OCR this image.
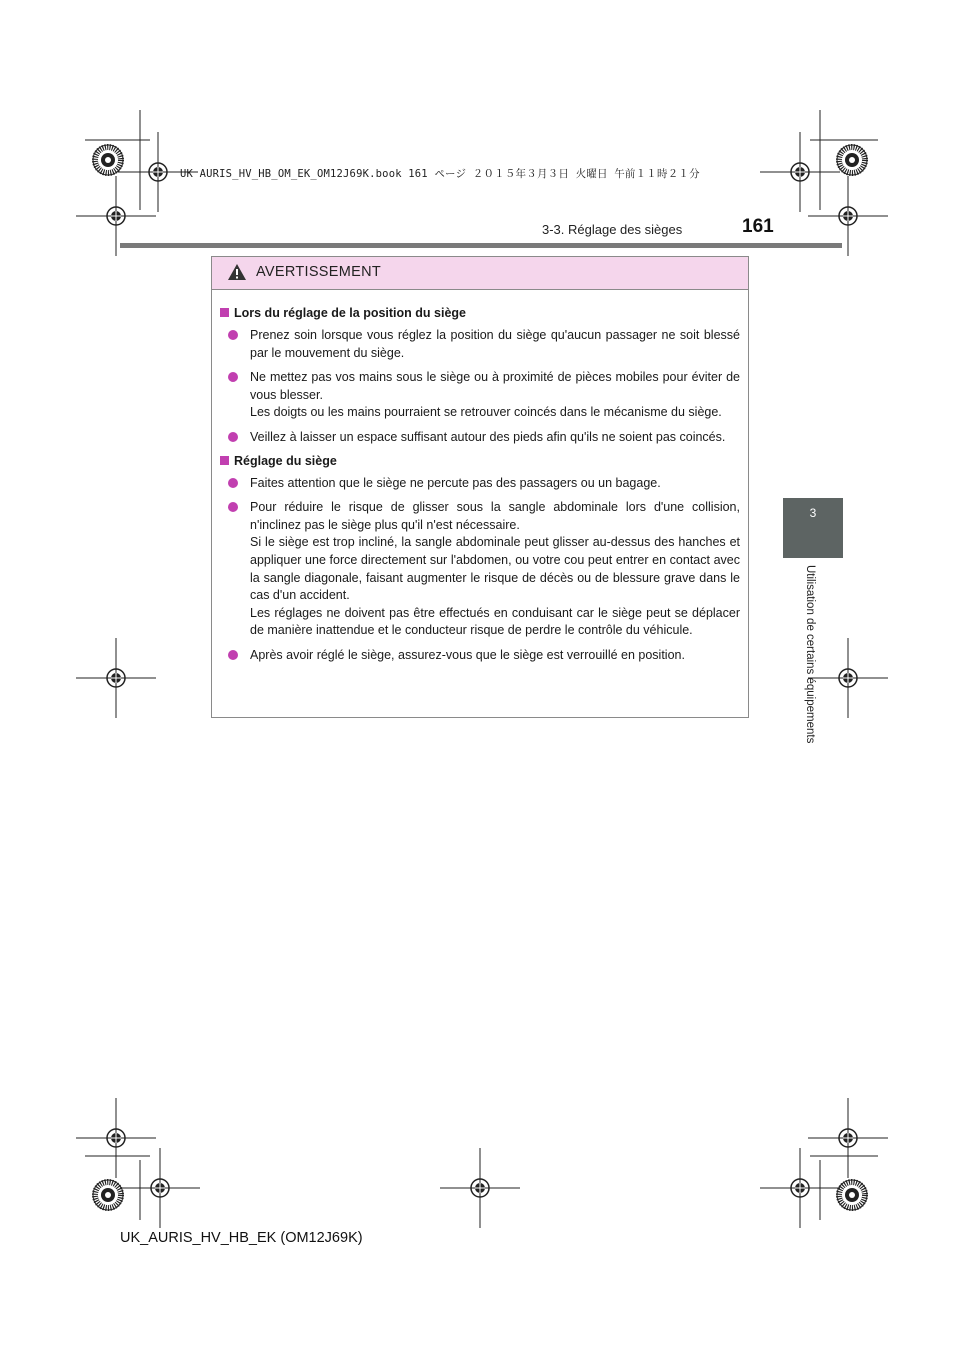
UK AURIS_HV_HB_OM_EK_OM12J69K.book 161 ページ ２０１５年３月３日 火曜日 午前１１時２１分
3-3. Réglage des sièges	161
3
Utilisation de certains équipements
AVERTISSEMENT
Lors du réglage de la position du siège
Prenez soin lorsque vous réglez la position du siège qu'aucun passager ne soit blessé par le mouvement du siège.
Ne mettez pas vos mains sous le siège ou à proximité de pièces mobiles pour éviter de vous blesser.
Les doigts ou les mains pourraient se retrouver coincés dans le mécanisme du siège.
Veillez à laisser un espace suffisant autour des pieds afin qu'ils ne soient pas coincés.
Réglage du siège
Faites attention que le siège ne percute pas des passagers ou un bagage.
Pour réduire le risque de glisser sous la sangle abdominale lors d'une collision, n'inclinez pas le siège plus qu'il n'est nécessaire.
Si le siège est trop incliné, la sangle abdominale peut glisser au-dessus des hanches et appliquer une force directement sur l'abdomen, ou votre cou peut entrer en contact avec la sangle diagonale, faisant augmenter le risque de décès ou de blessure grave dans le cas d'un accident.
Les réglages ne doivent pas être effectués en conduisant car le siège peut se déplacer de manière inattendue et le conducteur risque de perdre le contrôle du véhicule.
Après avoir réglé le siège, assurez-vous que le siège est verrouillé en position.
UK_AURIS_HV_HB_EK (OM12J69K)
